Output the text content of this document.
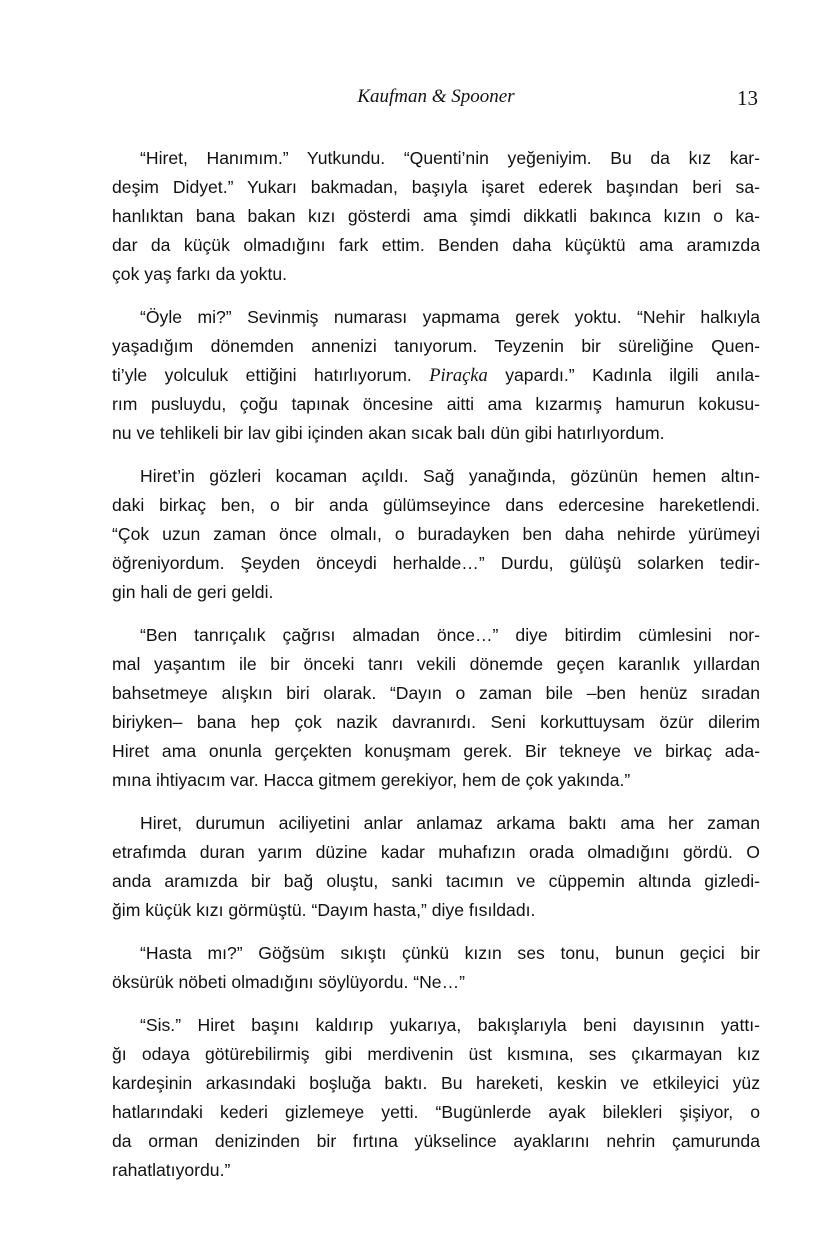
Kaufman & Spooner	13
“Hiret, Hanımım.” Yutkundu. “Quenti’nin yeğeniyim. Bu da kız kar-
deşim Didyet.” Yukarı bakmadan, başıyla işaret ederek başından beri sa-
hanlıktan bana bakan kızı gösterdi ama şimdi dikkatli bakınca kızın o ka-
dar da küçük olmadığını fark ettim. Benden daha küçüktü ama aramızda
çok yaş farkı da yoktu.
“Öyle mi?” Sevinmiş numarası yapmama gerek yoktu. “Nehir halkıyla
yaşadığım dönemden annenizi tanıyorum. Teyzenin bir süreliğine Quen-
ti’yle yolculuk ettiğini hatırlıyorum. Piraçka yapardı.” Kadınla ilgili anıla-
rım pusluydu, çoğu tapınak öncesine aitti ama kızarmış hamurun kokusu-
nu ve tehlikeli bir lav gibi içinden akan sıcak balı dün gibi hatırlıyordum.
Hiret’in gözleri kocaman açıldı. Sağ yanağında, gözünün hemen altın-
daki birkaç ben, o bir anda gülümseyince dans edercesine hareketlendi.
“Çok uzun zaman önce olmalı, o buradayken ben daha nehirde yürümeyi
öğreniyordum. Şeyden önceydi herhalde…” Durdu, gülüşü solarken tedir-
gin hali de geri geldi.
“Ben tanrıçalık çağrısı almadan önce…” diye bitirdim cümlesini nor-
mal yaşantım ile bir önceki tanrı vekili dönemde geçen karanlık yıllardan
bahsetmeye alışkın biri olarak. “Dayın o zaman bile –ben henüz sıradan
biriyken– bana hep çok nazik davranırdı. Seni korkuttuysam özür dilerim
Hiret ama onunla gerçekten konuşmam gerek. Bir tekneye ve birkaç ada-
mına ihtiyacım var. Hacca gitmem gerekiyor, hem de çok yakında.”
Hiret, durumun aciliyetini anlar anlamaz arkama baktı ama her zaman
etrafımda duran yarım düzine kadar muhafızın orada olmadığını gördü. O
anda aramızda bir bağ oluştu, sanki tacımın ve cüppemin altında gizledi-
ğim küçük kızı görmüştü. “Dayım hasta,” diye fısıldadı.
“Hasta mı?” Göğsüm sıkıştı çünkü kızın ses tonu, bunun geçici bir
öksürük nöbeti olmadığını söylüyordu. “Ne…”
“Sis.” Hiret başını kaldırıp yukarıya, bakışlarıyla beni dayısının yattı-
ğı odaya götürebilirmiş gibi merdivenin üst kısmına, ses çıkarmayan kız
kardeşinin arkasındaki boşluğa baktı. Bu hareketi, keskin ve etkileyici yüz
hatlarındaki kederi gizlemeye yetti. “Bugünlerde ayak bilekleri şişiyor, o
da orman denizinden bir fırtına yükselince ayaklarını nehrin çamurunda
rahatlatıyordu.”
